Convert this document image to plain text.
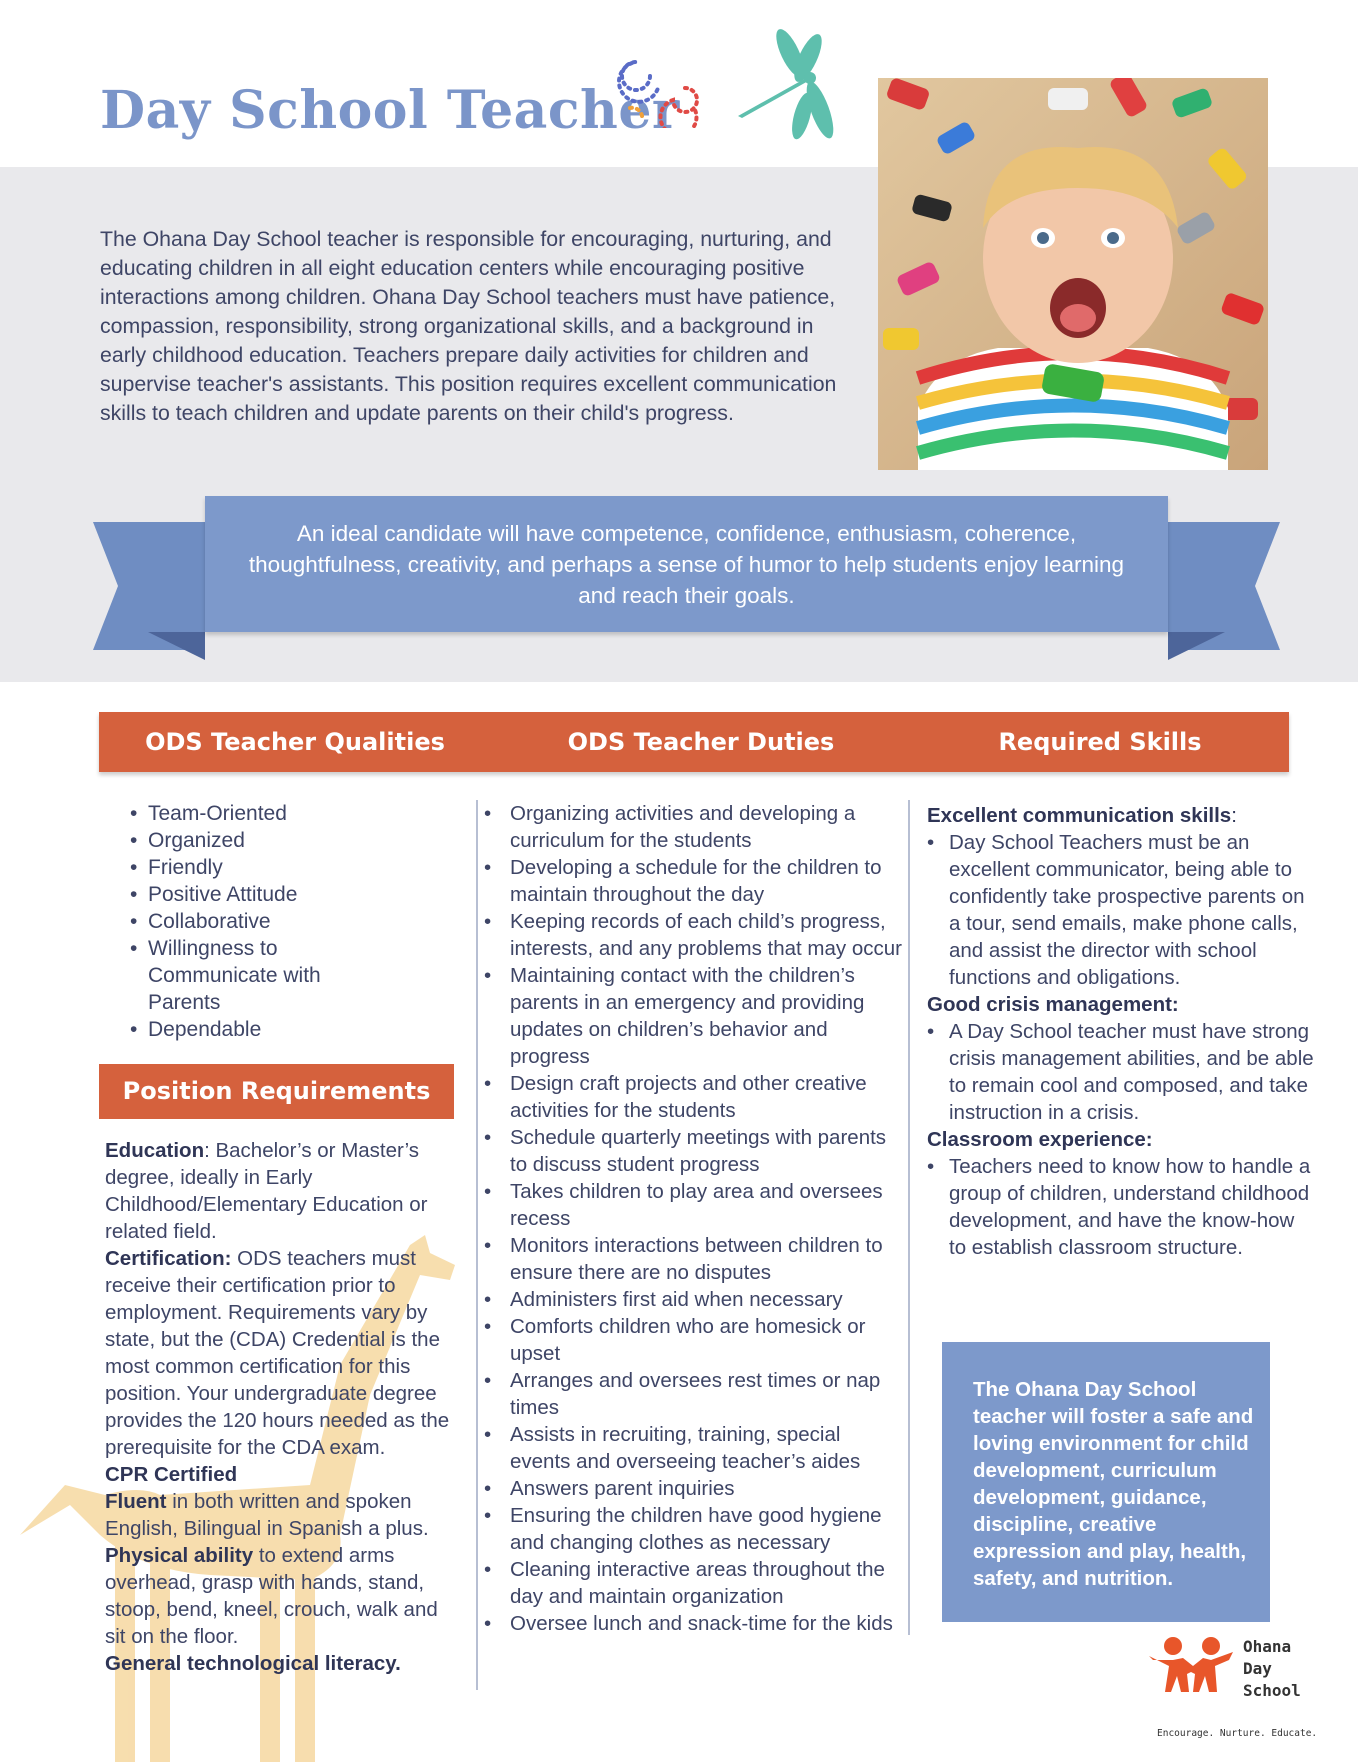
Day School Teacher
The Ohana Day School teacher is responsible for encouraging, nurturing, and educating children in all eight education centers while encouraging positive interactions among children. Ohana Day School teachers must have patience, compassion, responsibility, strong organizational skills, and a background in early childhood education. Teachers prepare daily activities for children and supervise teacher's assistants. This position requires excellent communication skills to teach children and update parents on their child's progress.

An ideal candidate will have competence, confidence, enthusiasm, coherence, thoughtfulness, creativity, and perhaps a sense of humor to help students enjoy learning and reach their goals.

ODS Teacher Qualities	ODS Teacher Duties	Required Skills
• Team-Oriented
• Organized
• Friendly
• Positive Attitude
• Collaborative
• Willingness to Communicate with Parents
• Dependable
Position Requirements

Education: Bachelor’s or Master’s degree, ideally in Early Childhood/Elementary Education or related field.

Certification: ODS teachers must receive their certification prior to employment. Requirements vary by state, but the (CDA) Credential is the most common certification for this position. Your undergraduate degree provides the 120 hours needed as the prerequisite for the CDA exam.

CPR Certified

Fluent in both written and spoken English, Bilingual in Spanish a plus.

Physical ability to extend arms overhead, grasp with hands, stand, stoop, bend, kneel, crouch, walk and sit on the floor.

General technological literacy.

• Organizing activities and developing a curriculum for the students
• Developing a schedule for the children to maintain throughout the day
• Keeping records of each child’s progress, interests, and any problems that may occur
• Maintaining contact with the children’s parents in an emergency and providing updates on children’s behavior and progress
• Design craft projects and other creative activities for the students
• Schedule quarterly meetings with parents to discuss student progress
• Takes children to play area and oversees recess
• Monitors interactions between children to ensure there are no disputes
• Administers first aid when necessary
• Comforts children who are homesick or upset
• Arranges and oversees rest times or nap times
• Assists in recruiting, training, special events and overseeing teacher’s aides
• Answers parent inquiries
• Ensuring the children have good hygiene and changing clothes as necessary
• Cleaning interactive areas throughout the day and maintain organization
• Oversee lunch and snack-time for the kids
Excellent communication skills:
• Day School Teachers must be an excellent communicator, being able to confidently take prospective parents on a tour, send emails, make phone calls, and assist the director with school functions and obligations.
Good crisis management:
• A Day School teacher must have strong crisis management abilities, and be able to remain cool and composed, and take instruction in a crisis.
Classroom experience:
• Teachers need to know how to handle a group of children, understand childhood development, and have the know-how to establish classroom structure.

The Ohana Day School teacher will foster a safe and loving environment for child development, curriculum development, guidance, discipline, creative expression and play, health, safety, and nutrition.

Ohana
Day
School
Encourage. Nurture. Educate.
